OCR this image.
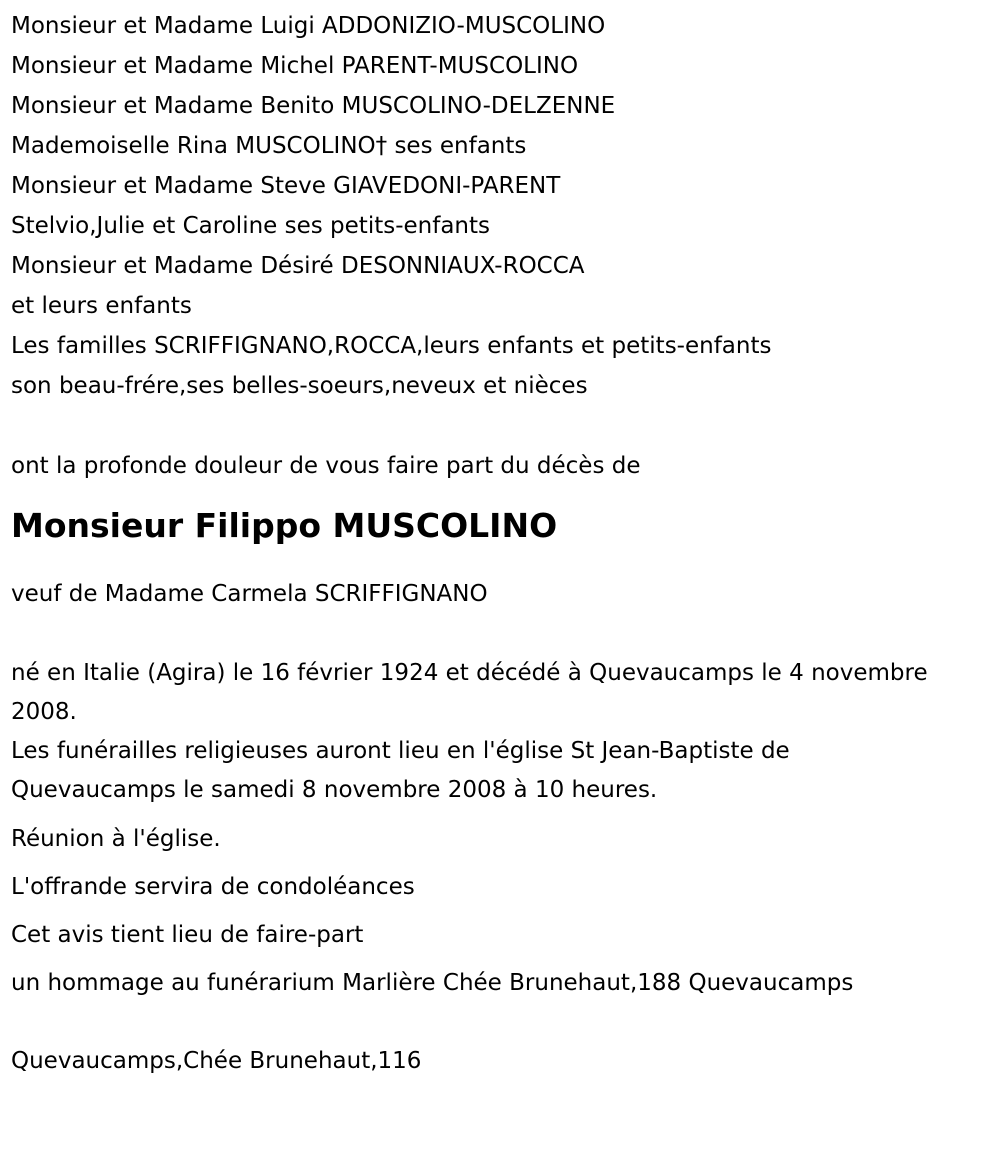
Monsieur et Madame Luigi ADDONIZIO-MUSCOLINO

Monsieur et Madame Michel PARENT-MUSCOLINO

Monsieur et Madame Benito MUSCOLINO-DELZENNE

Mademoiselle Rina MUSCOLINO† ses enfants

Monsieur et Madame Steve GIAVEDONI-PARENT

Stelvio,Julie et Caroline ses petits-enfants

Monsieur et Madame Désiré DESONNIAUX-ROCCA

et leurs enfants

Les familles SCRIFFIGNANO,ROCCA,leurs enfants et petits-enfants

son beau-frére,ses belles-soeurs,neveux et nièces

ont la profonde douleur de vous faire part du décès de

Monsieur Filippo MUSCOLINO

veuf de Madame Carmela SCRIFFIGNANO

né en Italie (Agira) le 16 février 1924 et décédé à Quevaucamps le 4 novembre 2008.

Les funérailles religieuses auront lieu en l'église St Jean-Baptiste de Quevaucamps le samedi 8 novembre 2008 à 10 heures.

Réunion à l'église.

L'offrande servira de condoléances

Cet avis tient lieu de faire-part

un hommage au funérarium Marlière Chée Brunehaut,188 Quevaucamps

Quevaucamps,Chée Brunehaut,116
